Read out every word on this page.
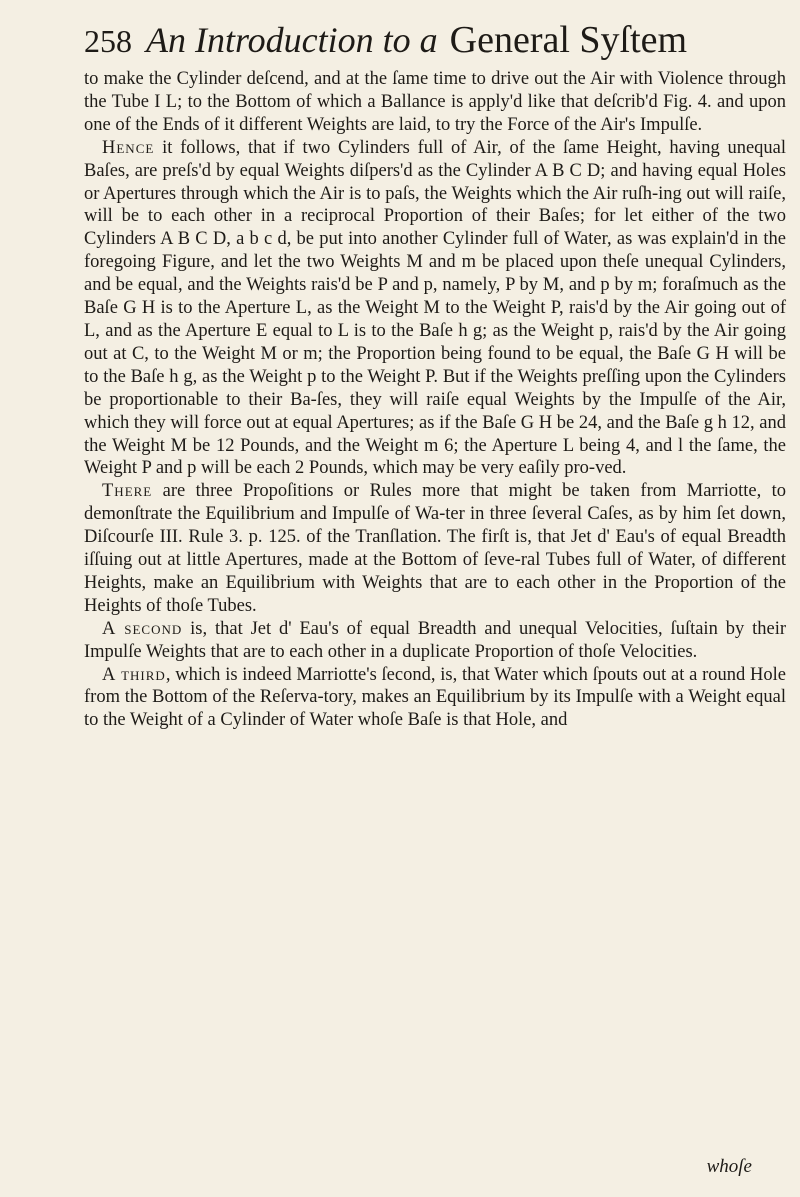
258 An Introduction to a General Syſtem

to make the Cylinder deſcend, and at the ſame time to drive out the Air with Violence through the Tube I L; to the Bottom of which a Ballance is apply'd like that deſcrib'd Fig. 4. and upon one of the Ends of it different Weights are laid, to try the Force of the Air's Impulſe.

Hence it follows, that if two Cylinders full of Air, of the ſame Height, having unequal Baſes, are preſs'd by equal Weights diſpers'd as the Cylinder A B C D; and having equal Holes or Apertures through which the Air is to paſs, the Weights which the Air ruſh-ing out will raiſe, will be to each other in a reciprocal Proportion of their Baſes; for let either of the two Cylinders A B C D, a b c d, be put into another Cylinder full of Water, as was explain'd in the foregoing Figure, and let the two Weights M and m be placed upon theſe unequal Cylinders, and be equal, and the Weights rais'd be P and p, namely, P by M, and p by m; foraſmuch as the Baſe G H is to the Aperture L, as the Weight M to the Weight P, rais'd by the Air going out of L, and as the Aperture E equal to L is to the Baſe h g; as the Weight p, rais'd by the Air going out at C, to the Weight M or m; the Proportion being found to be equal, the Baſe G H will be to the Baſe h g, as the Weight p to the Weight P. But if the Weights preſſing upon the Cylinders be proportionable to their Ba-ſes, they will raiſe equal Weights by the Impulſe of the Air, which they will force out at equal Apertures; as if the Baſe G H be 24, and the Baſe g h 12, and the Weight M be 12 Pounds, and the Weight m 6; the Aperture L being 4, and l the ſame, the Weight P and p will be each 2 Pounds, which may be very eaſily pro-ved.

There are three Propoſitions or Rules more that might be taken from Marriotte, to demonſtrate the Equilibrium and Impulſe of Wa-ter in three ſeveral Caſes, as by him ſet down, Diſcourſe III. Rule 3. p. 125. of the Tranſlation. The firſt is, that Jet d' Eau's of equal Breadth iſſuing out at little Apertures, made at the Bottom of ſeve-ral Tubes full of Water, of different Heights, make an Equilibrium with Weights that are to each other in the Proportion of the Heights of thoſe Tubes.

A second is, that Jet d' Eau's of equal Breadth and unequal Velocities, ſuſtain by their Impulſe Weights that are to each other in a duplicate Proportion of thoſe Velocities.

A third, which is indeed Marriotte's ſecond, is, that Water which ſpouts out at a round Hole from the Bottom of the Reſerva-tory, makes an Equilibrium by its Impulſe with a Weight equal to the Weight of a Cylinder of Water whoſe Baſe is that Hole, and

whoſe
